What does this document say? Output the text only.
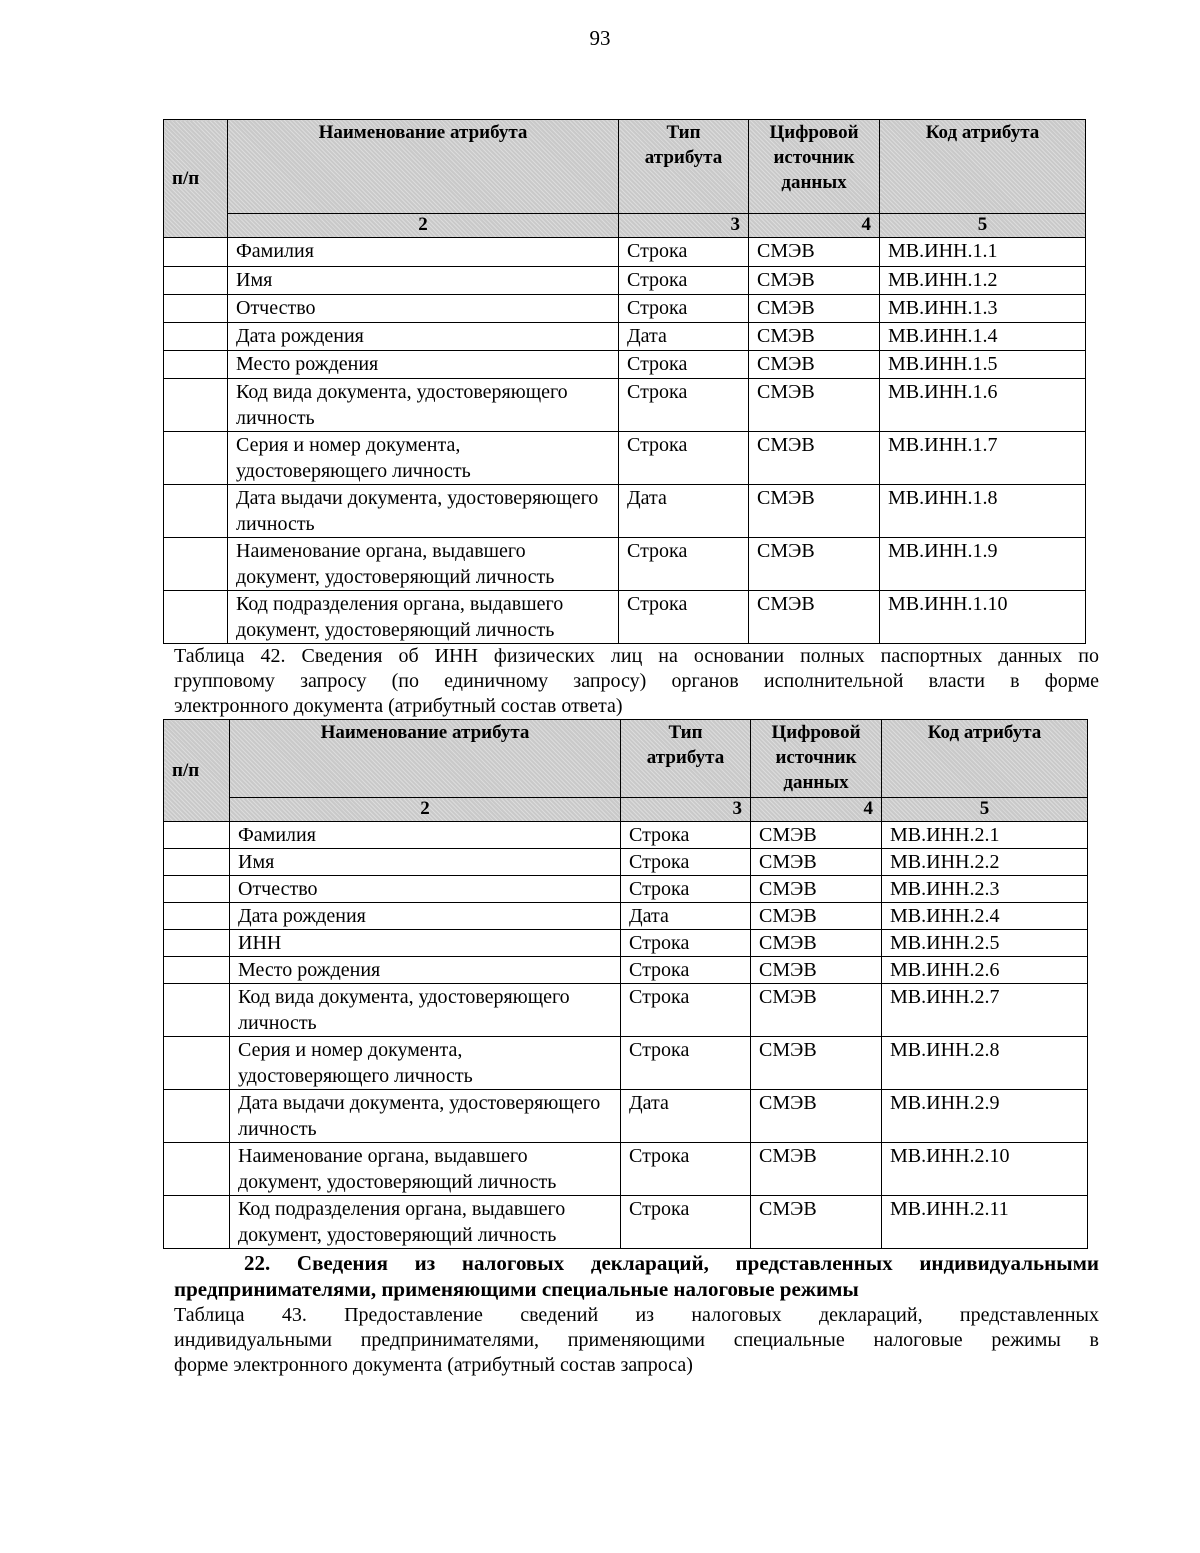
93
п/п	Наименование атрибута	Тип атрибута	Цифровой источник данных	Код атрибута
	2	3	4	5
	Фамилия	Строка	СМЭВ	МВ.ИНН.1.1
	Имя	Строка	СМЭВ	МВ.ИНН.1.2
	Отчество	Строка	СМЭВ	МВ.ИНН.1.3
	Дата рождения	Дата	СМЭВ	МВ.ИНН.1.4
	Место рождения	Строка	СМЭВ	МВ.ИНН.1.5
	Код вида документа, удостоверяющего личность	Строка	СМЭВ	МВ.ИНН.1.6
	Серия и номер документа, удостоверяющего личность	Строка	СМЭВ	МВ.ИНН.1.7
	Дата выдачи документа, удостоверяющего личность	Дата	СМЭВ	МВ.ИНН.1.8
	Наименование органа, выдавшего документ, удостоверяющий личность	Строка	СМЭВ	МВ.ИНН.1.9
	Код подразделения органа, выдавшего документ, удостоверяющий личность	Строка	СМЭВ	МВ.ИНН.1.10
Таблица 42. Сведения об ИНН физических лиц на основании полных паспортных данных по
групповому запросу (по единичному запросу) органов исполнительной власти в форме
электронного документа (атрибутный состав ответа)
п/п	Наименование атрибута	Тип атрибута	Цифровой источник данных	Код атрибута
	2	3	4	5
	Фамилия	Строка	СМЭВ	МВ.ИНН.2.1
	Имя	Строка	СМЭВ	МВ.ИНН.2.2
	Отчество	Строка	СМЭВ	МВ.ИНН.2.3
	Дата рождения	Дата	СМЭВ	МВ.ИНН.2.4
	ИНН	Строка	СМЭВ	МВ.ИНН.2.5
	Место рождения	Строка	СМЭВ	МВ.ИНН.2.6
	Код вида документа, удостоверяющего личность	Строка	СМЭВ	МВ.ИНН.2.7
	Серия и номер документа, удостоверяющего личность	Строка	СМЭВ	МВ.ИНН.2.8
	Дата выдачи документа, удостоверяющего личность	Дата	СМЭВ	МВ.ИНН.2.9
	Наименование органа, выдавшего документ, удостоверяющий личность	Строка	СМЭВ	МВ.ИНН.2.10
	Код подразделения органа, выдавшего документ, удостоверяющий личность	Строка	СМЭВ	МВ.ИНН.2.11
22. Сведения из налоговых деклараций, представленных индивидуальными
предпринимателями, применяющими специальные налоговые режимы
Таблица 43. Предоставление сведений из налоговых деклараций, представленных
индивидуальными предпринимателями, применяющими специальные налоговые режимы в
форме электронного документа (атрибутный состав запроса)
